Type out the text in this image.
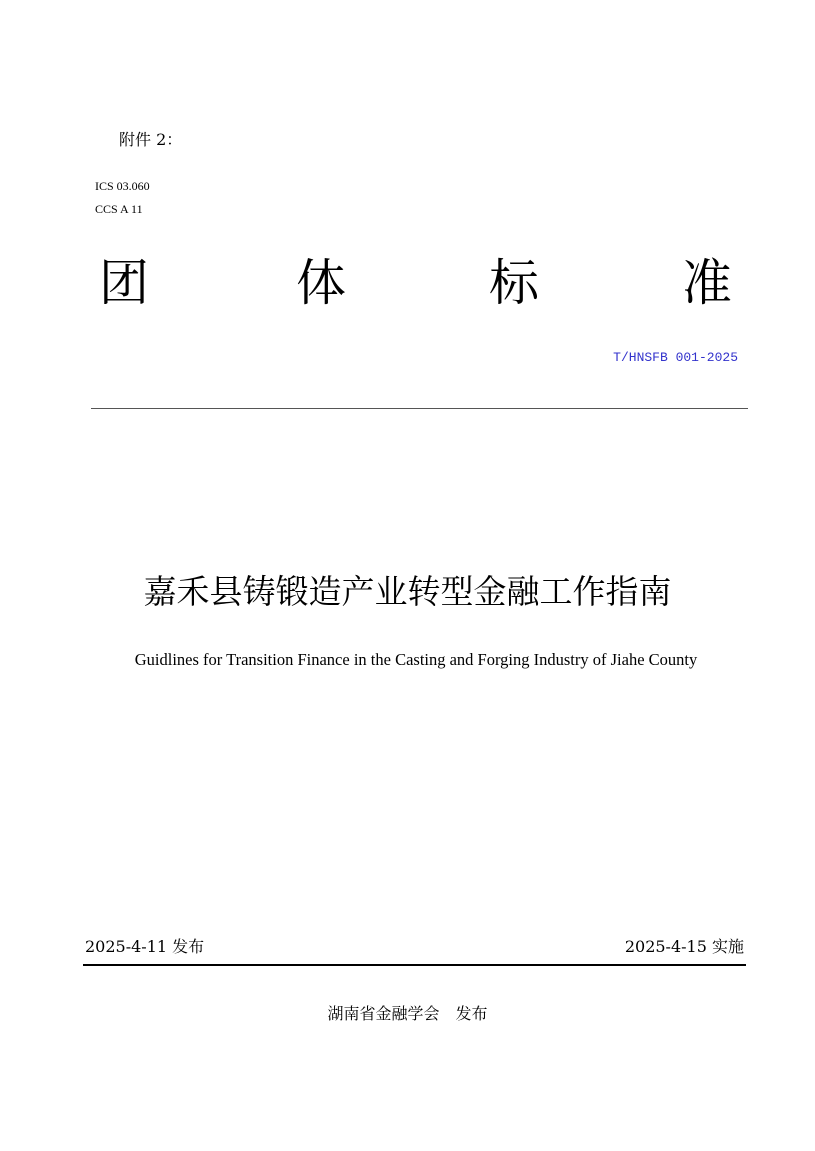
附件 2：
ICS 03.060
CCS A 11
团	体	标	准
T/HNSFB 001-2025
嘉禾县铸锻造产业转型金融工作指南
Guidlines for Transition Finance in the Casting and Forging Industry of Jiahe County
2025-4-11 发布	2025-4-15 实施
湖南省金融学会　发布
